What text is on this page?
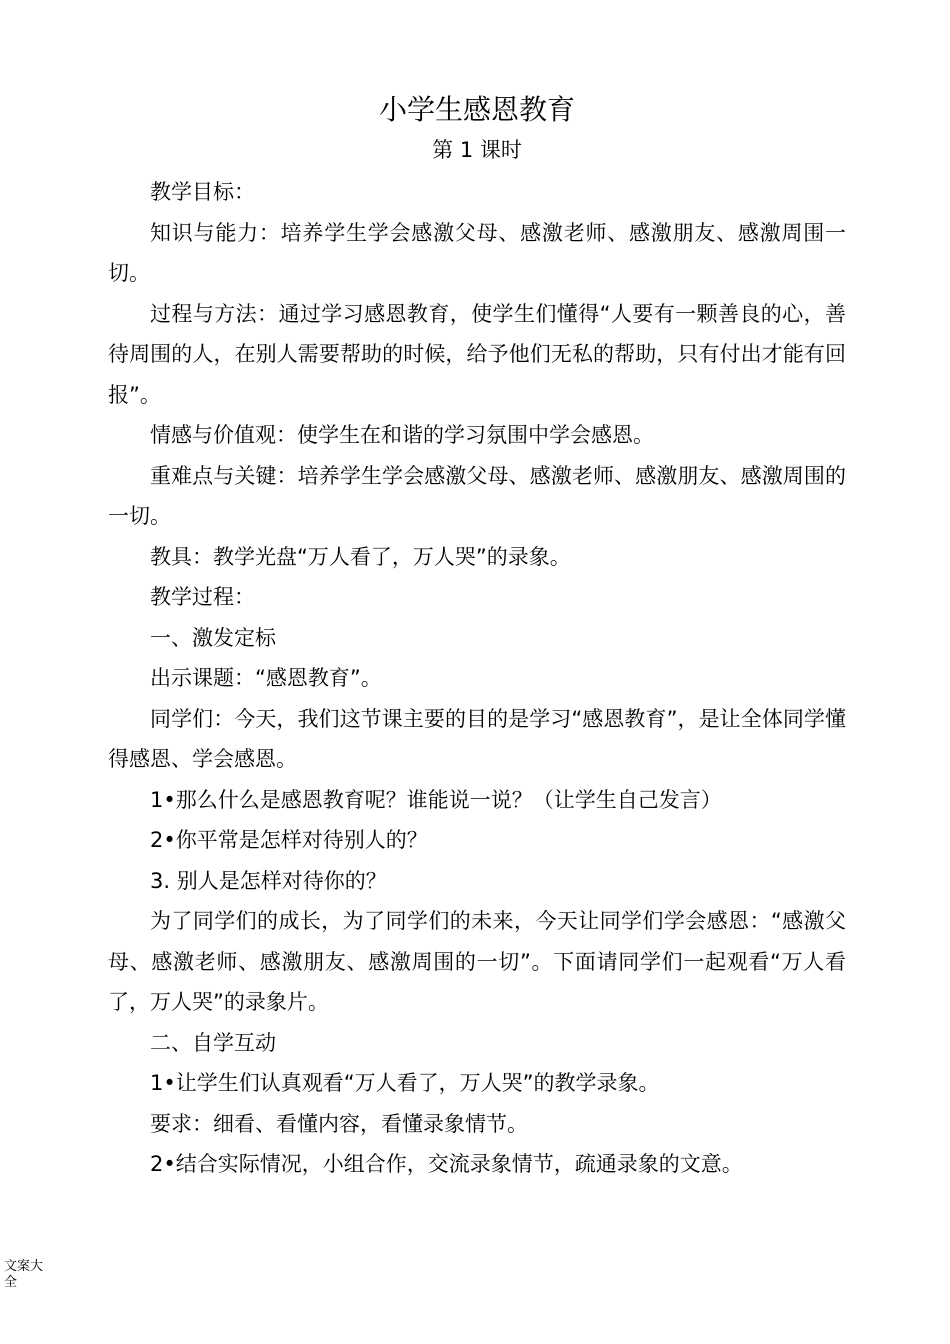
小学生感恩教育
第 1 课时

教学目标：

知识与能力：培养学生学会感激父母、感激老师、感激朋友、感激周围一切。

过程与方法：通过学习感恩教育，使学生们懂得“人要有一颗善良的心，善待周围的人，在别人需要帮助的时候，给予他们无私的帮助，只有付出才能有回报”。

情感与价值观：使学生在和谐的学习氛围中学会感恩。

重难点与关键：培养学生学会感激父母、感激老师、感激朋友、感激周围的一切。

教具：教学光盘“万人看了，万人哭”的录象。

教学过程：

一、激发定标

出示课题：“感恩教育”。

同学们：今天，我们这节课主要的目的是学习“感恩教育”，是让全体同学懂得感恩、学会感恩。

1•那么什么是感恩教育呢？谁能说一说？（让学生自己发言）

2•你平常是怎样对待别人的？

3. 别人是怎样对待你的？

为了同学们的成长，为了同学们的未来，今天让同学们学会感恩：“感激父母、感激老师、感激朋友、感激周围的一切”。下面请同学们一起观看“万人看了，万人哭”的录象片。

二、自学互动

1•让学生们认真观看“万人看了，万人哭”的教学录象。

要求：细看、看懂内容，看懂录象情节。

2•结合实际情况，小组合作，交流录象情节，疏通录象的文意。

文案大全
